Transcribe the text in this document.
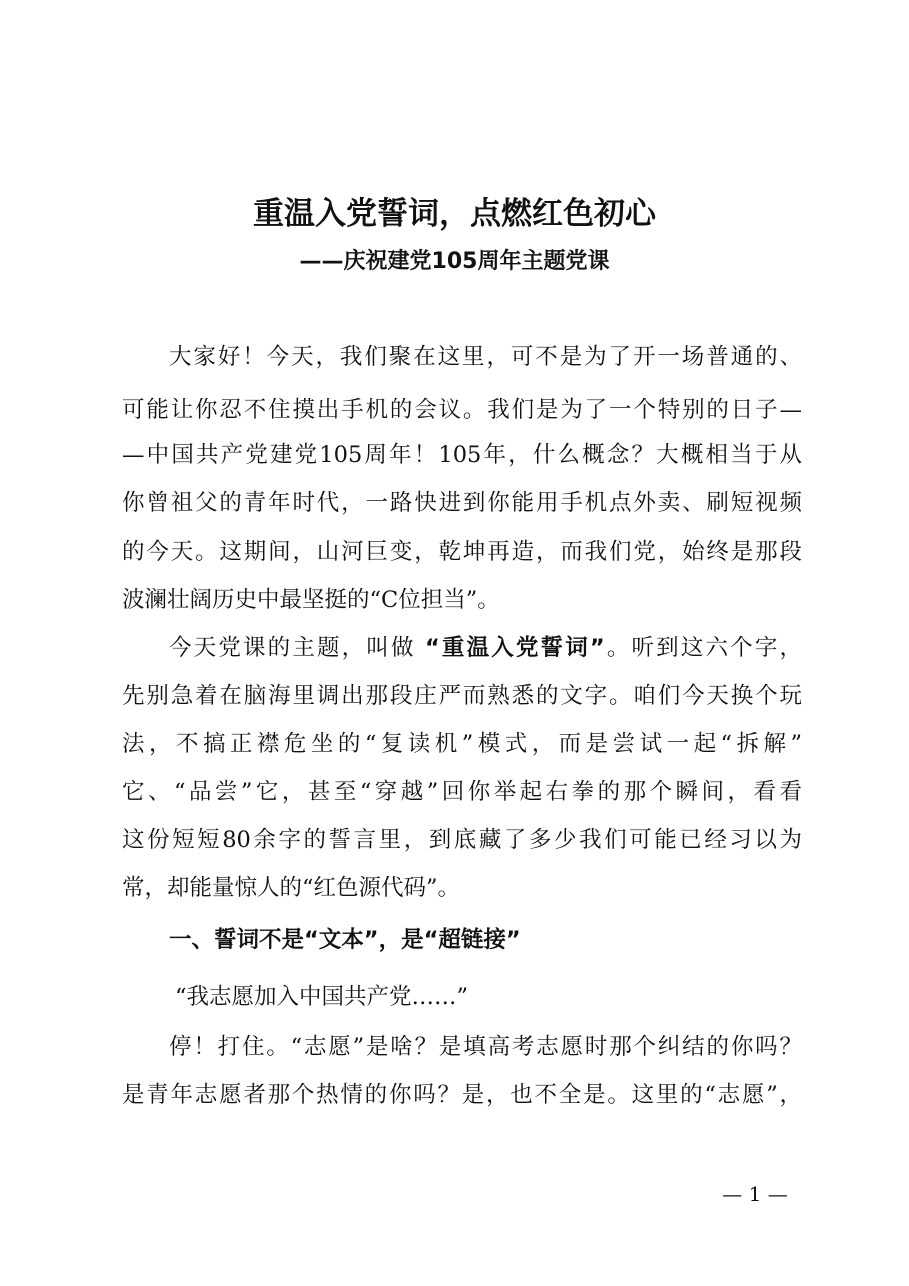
重温入党誓词，点燃红色初心
——庆祝建党105周年主题党课
大家好！今天，我们聚在这里，可不是为了开一场普通的、
可能让你忍不住摸出手机的会议。我们是为了一个特别的日子—
—中国共产党建党105周年！105年，什么概念？大概相当于从
你曾祖父的青年时代，一路快进到你能用手机点外卖、刷短视频
的今天。这期间，山河巨变，乾坤再造，而我们党，始终是那段
波澜壮阔历史中最坚挺的“C位担当”。
今天党课的主题，叫做 “重温入党誓词”。听到这六个字，
先别急着在脑海里调出那段庄严而熟悉的文字。咱们今天换个玩
法，不搞正襟危坐的“复读机”模式，而是尝试一起“拆解”
它、“品尝”它，甚至“穿越”回你举起右拳的那个瞬间，看看
这份短短80余字的誓言里，到底藏了多少我们可能已经习以为
常，却能量惊人的“红色源代码”。
一、誓词不是“文本”，是“超链接”
“我志愿加入中国共产党……”
停！打住。“志愿”是啥？是填高考志愿时那个纠结的你吗？
是青年志愿者那个热情的你吗？是，也不全是。这里的“志愿”，
— 1 —
